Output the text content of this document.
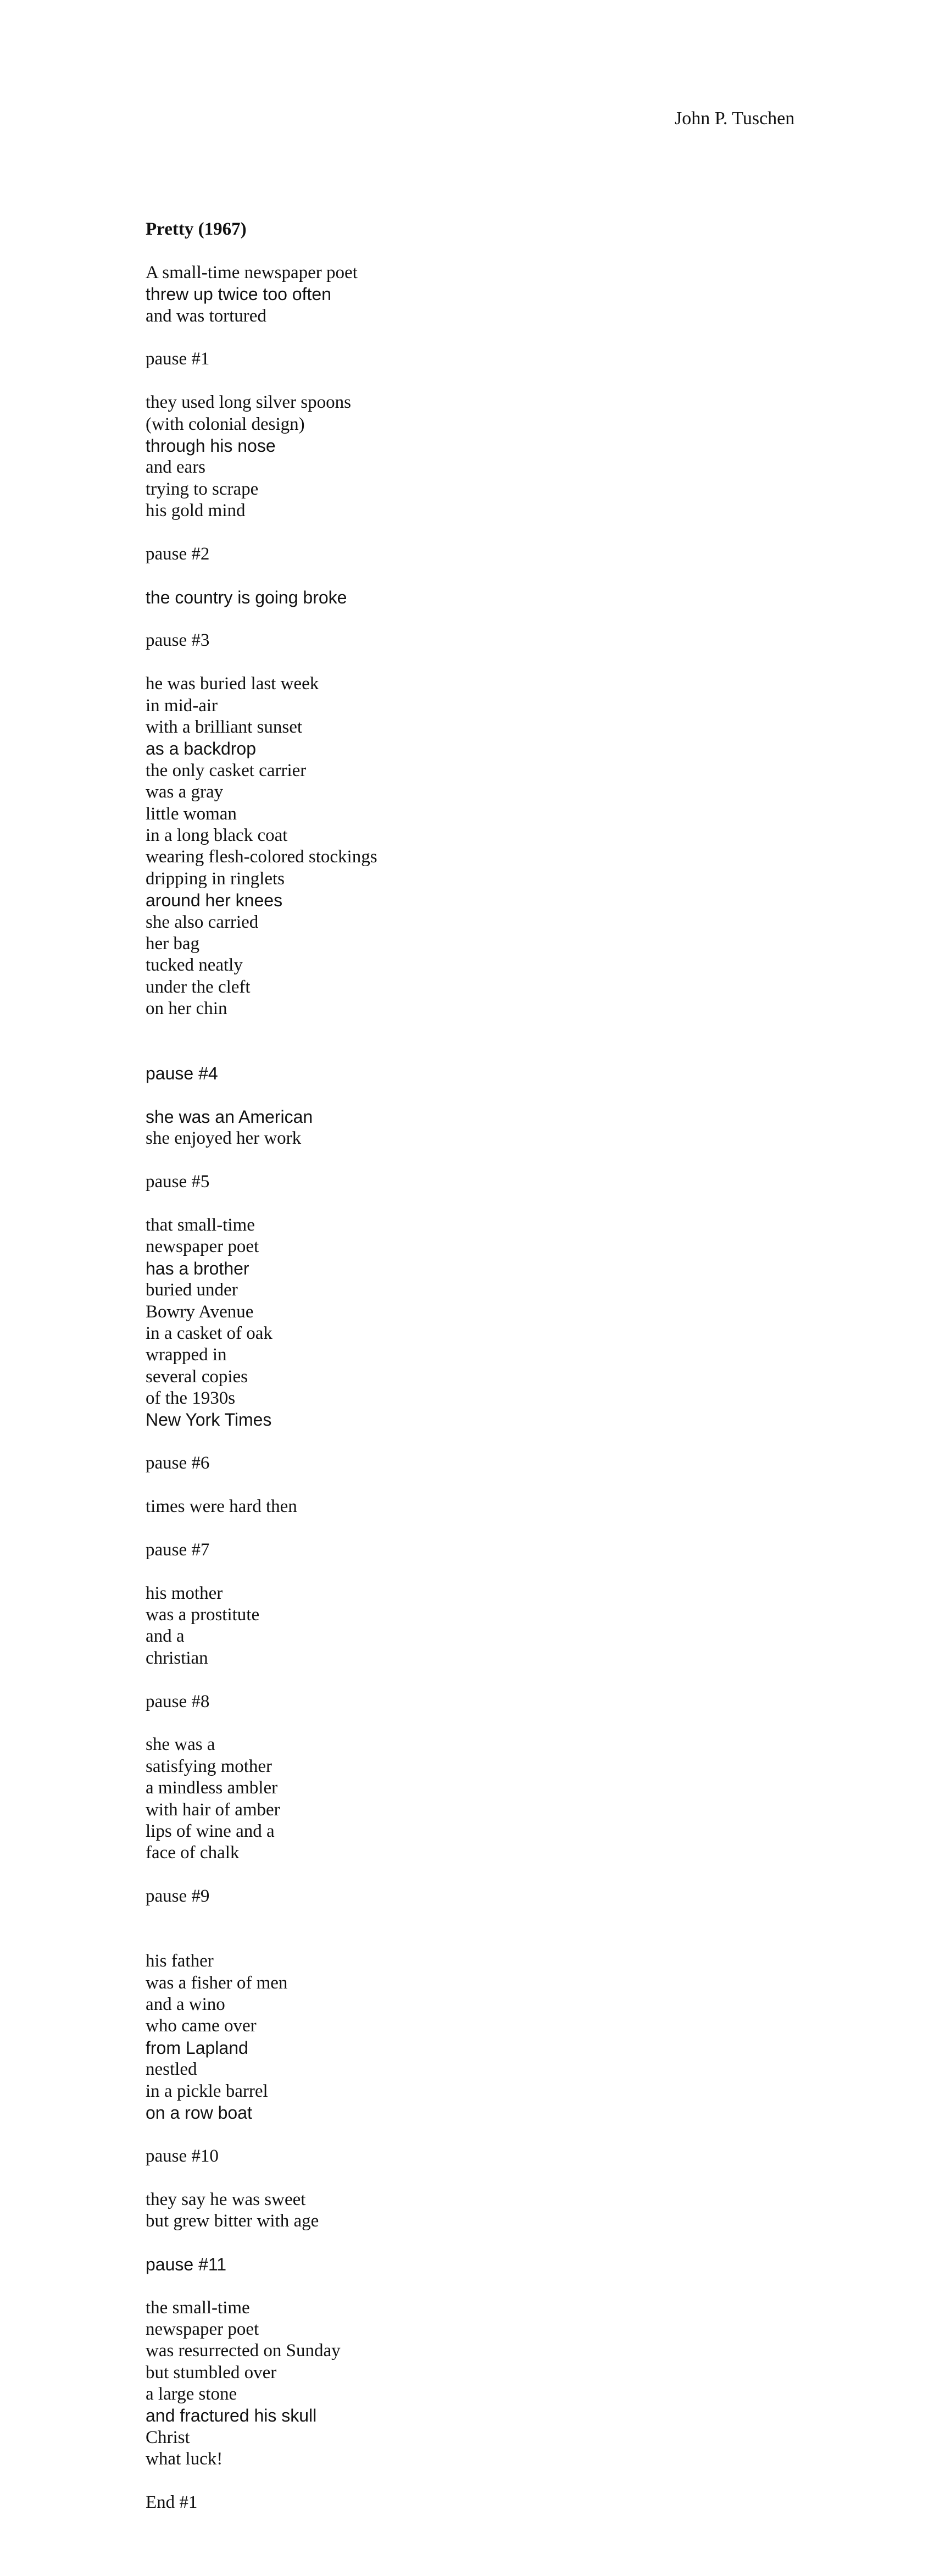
John P. Tuschen
Pretty (1967)
A small-time newspaper poet
threw up twice too often
and was tortured
pause #1
they used long silver spoons
(with colonial design)
through his nose
and ears
trying to scrape
his gold mind
pause #2
the country is going broke
pause #3
he was buried last week
in mid-air
with a brilliant sunset
as a backdrop
the only casket carrier
was a gray
little woman
in a long black coat
wearing flesh-colored stockings
dripping in ringlets
around her knees
she also carried
her bag
tucked neatly
under the cleft
on her chin
pause #4
she was an American
she enjoyed her work
pause #5
that small-time
newspaper poet
has a brother
buried under
Bowry Avenue
in a casket of oak
wrapped in
several copies
of the 1930s
New York Times
pause #6
times were hard then
pause #7
his mother
was a prostitute
and a
christian
pause #8
she was a
satisfying mother
a mindless ambler
with hair of amber
lips of wine and a
face of chalk
pause #9
his father
was a fisher of men
and a wino
who came over
from Lapland
nestled
in a pickle barrel
on a row boat
pause #10
they say he was sweet
but grew bitter with age
pause #11
the small-time
newspaper poet
was resurrected on Sunday
but stumbled over
a large stone
and fractured his skull
Christ
what luck!
End #1
